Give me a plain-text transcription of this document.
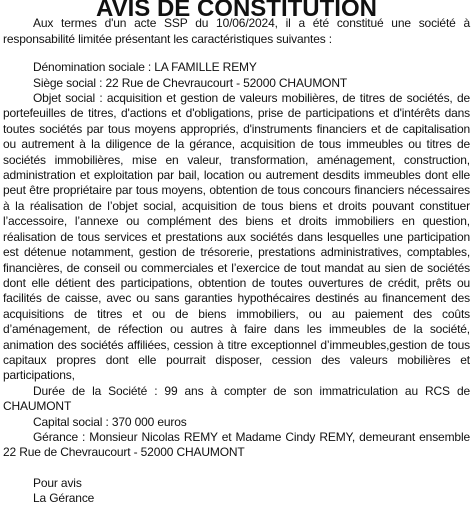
AVIS DE CONSTITUTION

Aux termes d'un acte SSP du 10/06/2024, il a été constitué une société à responsabilité limitée présentant les caractéristiques suivantes :

Dénomination sociale : LA FAMILLE REMY

Siège social : 22 Rue de Chevraucourt - 52000 CHAUMONT

Objet social : acquisition et gestion de valeurs mobilières, de titres de sociétés, de portefeuilles de titres, d'actions et d'obligations, prise de participations et d'intérêts dans toutes sociétés par tous moyens appropriés, d'instruments financiers et de capitalisation ou autrement à la diligence de la gérance, acquisition de tous immeubles ou titres de sociétés immobilières, mise en valeur, transformation, aménagement, construction, administration et exploitation par bail, location ou autrement desdits immeubles dont elle peut être propriétaire par tous moyens, obtention de tous concours financiers nécessaires à la réalisation de l’objet social, acquisition de tous biens et droits pouvant constituer l’accessoire, l’annexe ou complément des biens et droits immobiliers en question, réalisation de tous services et prestations aux sociétés dans lesquelles une participation est détenue notamment, gestion de trésorerie, prestations administratives, comptables, financières, de conseil ou commerciales et l’exercice de tout mandat au sien de sociétés dont elle détient des participations, obtention de toutes ouvertures de crédit, prêts ou facilités de caisse, avec ou sans garanties hypothécaires destinés au financement des acquisitions de titres et ou de biens immobiliers, ou au paiement des coûts d’aménagement, de réfection ou autres à faire dans les immeubles de la société, animation des sociétés affiliées, cession à titre exceptionnel d’immeubles,gestion de tous capitaux propres dont elle pourrait disposer, cession des valeurs mobilières et participations,

Durée de la Société : 99 ans à compter de son immatriculation au RCS de CHAUMONT

Capital social : 370 000 euros

Gérance : Monsieur Nicolas REMY et Madame Cindy REMY, demeurant ensemble 22 Rue de Chevraucourt - 52000 CHAUMONT

Pour avis

La Gérance
